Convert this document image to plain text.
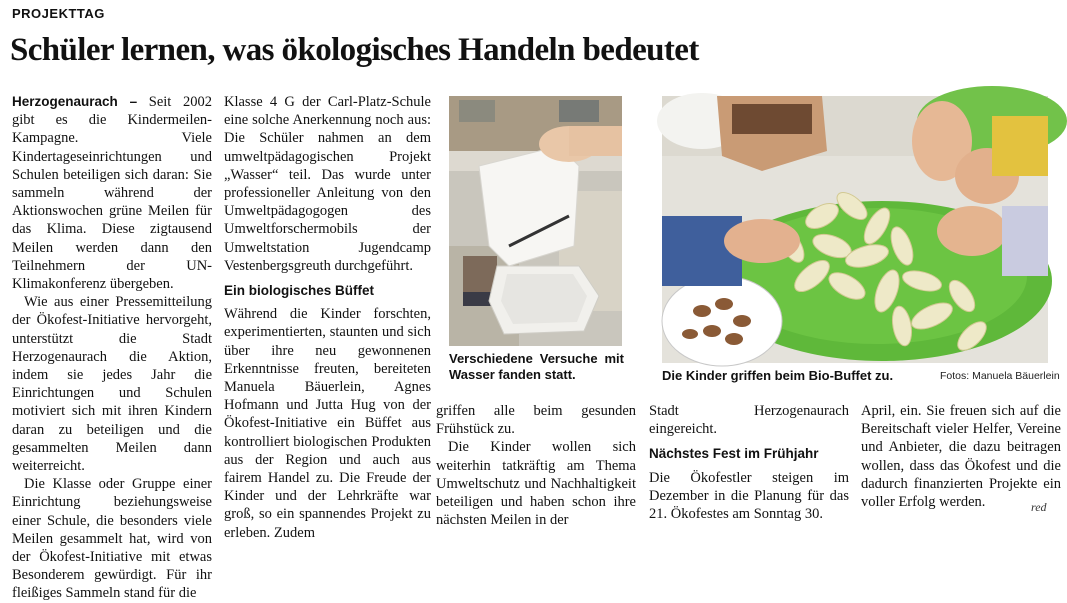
PROJEKTTAG
Schüler lernen, was ökologisches Handeln bedeutet

Herzogenaurach – Seit 2002 gibt es die Kindermeilen-Kampagne. Viele Kindertageseinrichtungen und Schulen beteiligen sich daran: Sie sammeln während der Aktionswochen grüne Meilen für das Klima. Diese zigtausend Meilen werden dann den Teilnehmern der UN-Klimakonferenz übergeben.

Wie aus einer Pressemitteilung der Ökofest-Initiative hervorgeht, unterstützt die Stadt Herzogenaurach die Aktion, indem sie jedes Jahr die Einrichtungen und Schulen motiviert sich mit ihren Kindern daran zu beteiligen und die gesammelten Meilen dann weiterreicht.

Die Klasse oder Gruppe einer Einrichtung beziehungsweise einer Schule, die besonders viele Meilen gesammelt hat, wird von der Ökofest-Initiative mit etwas Besonderem gewürdigt. Für ihr fleißiges Sammeln stand für die

Klasse 4 G der Carl-Platz-Schule eine solche Anerkennung noch aus: Die Schüler nahmen an dem umweltpädagogischen Projekt „Wasser“ teil. Das wurde unter professioneller Anleitung von den Umweltpädagogogen des Umweltforschermobils der Umweltstation Jugendcamp Vestenbergsgreuth durchgeführt.

Ein biologisches Büffet

Während die Kinder forschten, experimentierten, staunten und sich über ihre neu gewonnenen Erkenntnisse freuten, bereiteten Manuela Bäuerlein, Agnes Hofmann und Jutta Hug von der Ökofest-Initiative ein Büffet aus kontrolliert biologischen Produkten aus der Region und auch aus fairem Handel zu. Die Freude der Kinder und der Lehrkräfte war groß, so ein spannendes Projekt zu erleben. Zudem

Verschiedene Versuche mit Wasser fanden statt.	Die Kinder griffen beim Bio-Buffet zu.	Fotos: Manuela Bäuerlein

griffen alle beim gesunden Frühstück zu.

Die Kinder wollen sich weiterhin tatkräftig am Thema Umweltschutz und Nachhaltigkeit beteiligen und haben schon ihre nächsten Meilen in der

Stadt Herzogenaurach eingereicht.

Nächstes Fest im Frühjahr

Die Ökofestler steigen im Dezember in die Planung für das 21. Ökofestes am Sonntag 30.

April, ein. Sie freuen sich auf die Bereitschaft vieler Helfer, Vereine und Anbieter, die dazu beitragen wollen, dass das Ökofest und die dadurch finanzierten Projekte ein voller Erfolg werden.	red
